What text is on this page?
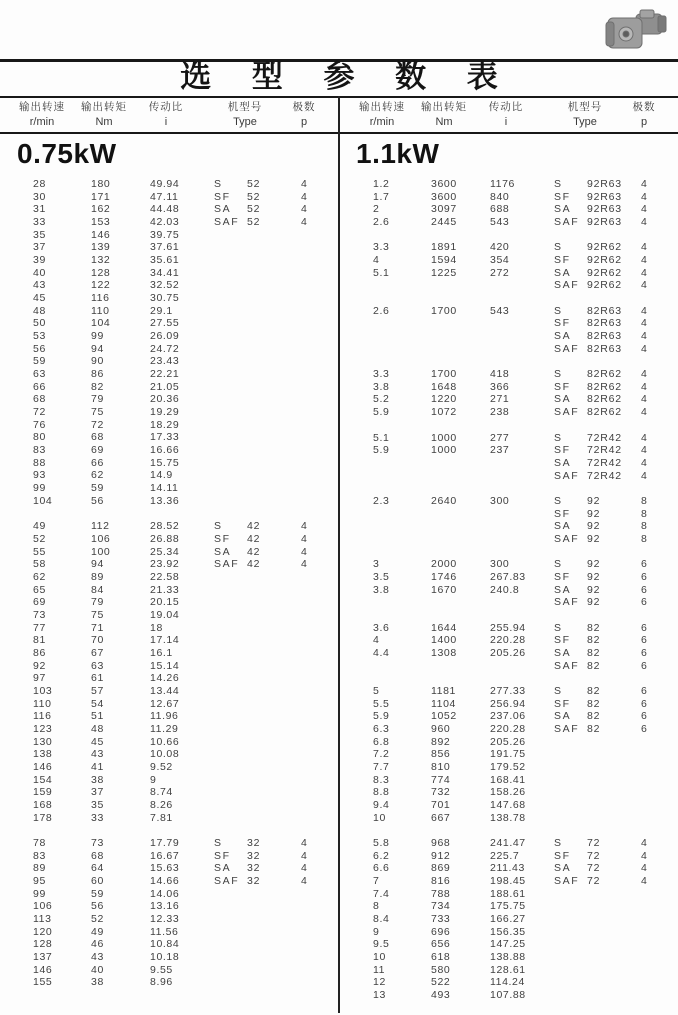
选 型 参 数 表
输出转速
r/min
输出转矩
Nm
传动比
i
机型号
Type
极数
p
输出转速
r/min
输出转矩
Nm
传动比
i
机型号
Type
极数
p
0.75kW	1.1kW
28	180	49.94	S	52	4
30	171	47.11	SF	52	4
31	162	44.48	SA	52	4
33	153	42.03	SAF 52	4
35	146	39.75
37	139	37.61
39	132	35.61
40	128	34.41
43	122	32.52
45	116	30.75
48	110	29.1
50	104	27.55
53	99	26.09
56	94	24.72
59	90	23.43
63	86	22.21
66	82	21.05
68	79	20.36
72	75	19.29
76	72	18.29
80	68	17.33
83	69	16.66
88	66	15.75
93	62	14.9
99	59	14.11
104	56	13.36
49	112	28.52	S	42	4
52	106	26.88	SF	42	4
55	100	25.34	SA	42	4
58	94	23.92	SAF 42	4
62	89	22.58
65	84	21.33
69	79	20.15
73	75	19.04
77	71	18
81	70	17.14
86	67	16.1
92	63	15.14
97	61	14.26
103	57	13.44
110	54	12.67
116	51	11.96
123	48	11.29
130	45	10.66
138	43	10.08
146	41	9.52
154	38	9
159	37	8.74
168	35	8.26
178	33	7.81
78	73	17.79	S	32	4
83	68	16.67	SF	32	4
89	64	15.63	SA	32	4
95	60	14.66	SAF 32	4
99	59	14.06
106	56	13.16
113	52	12.33
120	49	11.56
128	46	10.84
137	43	10.18
146	40	9.55
155	38	8.96
1.2	3600	1176	S	92R63	4
1.7	3600	840	SF	92R63	4
2	3097	688	SA	92R63	4
2.6	2445	543	SAF 92R63	4
3.3	1891	420	S	92R62	4
4	1594	354	SF	92R62	4
5.1	1225	272	SA	92R62	4
SAF 92R62	4
2.6	1700	543	S	82R63	4
SF	82R63	4
SA	82R63	4
SAF 82R63	4
3.3	1700	418	S	82R62	4
3.8	1648	366	SF	82R62	4
5.2	1220	271	SA	82R62	4
5.9	1072	238	SAF 82R62	4
5.1	1000	277	S	72R42	4
5.9	1000	237	SF	72R42	4
SA	72R42	4
SAF 72R42	4
2.3	2640	300	S	92	8
SF	92	8
SA	92	8
SAF 92	8
3	2000	300	S	92	6
3.5	1746	267.83	SF	92	6
3.8	1670	240.8	SA	92	6
SAF 92	6
3.6	1644	255.94	S	82	6
4	1400	220.28	SF	82	6
4.4	1308	205.26	SA	82	6
SAF 82	6
5	1181	277.33	S	82	6
5.5	1104	256.94	SF	82	6
5.9	1052	237.06	SA	82	6
6.3	960	220.28	SAF 82	6
6.8	892	205.26
7.2	856	191.75
7.7	810	179.52
8.3	774	168.41
8.8	732	158.26
9.4	701	147.68
10	667	138.78
5.8	968	241.47	S	72	4
6.2	912	225.7	SF	72	4
6.6	869	211.43	SA	72	4
7	816	198.45	SAF 72	4
7.4	788	188.61
8	734	175.75
8.4	733	166.27
9	696	156.35
9.5	656	147.25
10	618	138.88
11	580	128.61
12	522	114.24
13	493	107.88
